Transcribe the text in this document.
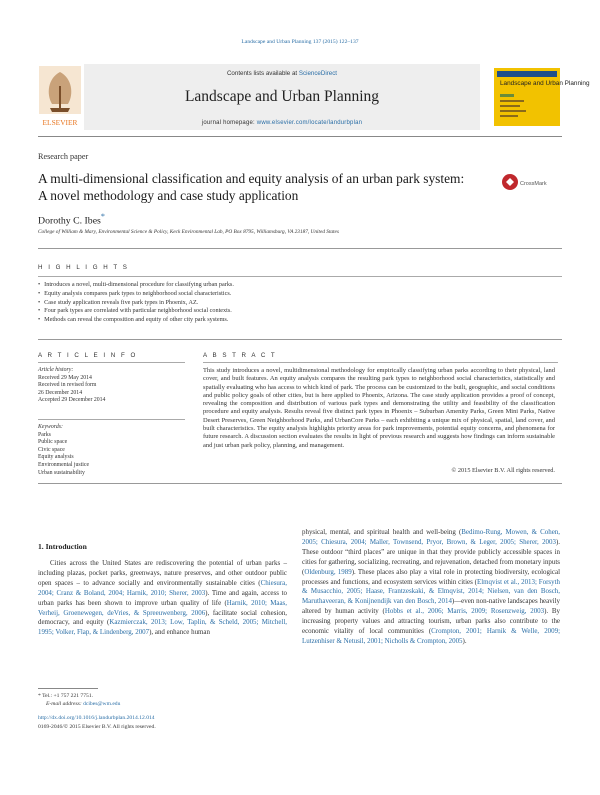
Landscape and Urban Planning 137 (2015) 122–137
ELSEVIER
Contents lists available at ScienceDirect
Landscape and Urban Planning
journal homepage: www.elsevier.com/locate/landurbplan
Landscape and Urban Planning
Research paper
A multi-dimensional classification and equity analysis of an urban park system: A novel methodology and case study application
CrossMark
Dorothy C. Ibes*
College of William & Mary, Environmental Science & Policy, Keck Environmental Lab, PO Box 8795, Williamsburg, VA 23187, United States
H I G H L I G H T S
• Introduces a novel, multi-dimensional procedure for classifying urban parks.
• Equity analysis compares park types to neighborhood social characteristics.
• Case study application reveals five park types in Phoenix, AZ.
• Four park types are correlated with particular neighborhood social contexts.
• Methods can reveal the composition and equity of other city park systems.
A R T I C L E I N F O
Article history:
Received 29 May 2014
Received in revised form
26 December 2014
Accepted 29 December 2014
Keywords:
Parks
Public space
Civic space
Equity analysis
Environmental justice
Urban sustainability
A B S T R A C T
This study introduces a novel, multidimensional methodology for empirically classifying urban parks according to their physical, land cover, and built features. An equity analysis compares the resulting park types to neighborhood social characteristics, statistically and spatially evaluating who has access to which kind of park. The process can be customized to the built, geographic, and social conditions and public policy goals of other cities, but is here applied to Phoenix, Arizona. The case study application provides a proof of concept, revealing the composition and distribution of various park types and demonstrating the utility and feasibility of the classification procedure and equity analysis. Results reveal five distinct park types in Phoenix – Suburban Amenity Parks, Green Mini Parks, Native Desert Preserves, Green Neighborhood Parks, and UrbanCore Parks – each exhibiting a unique mix of physical, spatial, land cover, and built characteristics. The equity analysis highlights priority areas for park improvements, potential equity concerns, and phenomena for future research. A discussion section evaluates the results in light of previous research and suggests how findings can inform sustainable and just urban park policy, planning, and management.
© 2015 Elsevier B.V. All rights reserved.
1. Introduction
Cities across the United States are rediscovering the potential of urban parks – including plazas, pocket parks, greenways, nature preserves, and other outdoor public open spaces – to advance socially and environmentally sustainable cities (Chiesura, 2004; Cranz & Boland, 2004; Harnik, 2010; Sherer, 2003). Time and again, access to urban parks has been shown to improve urban quality of life (Harnik, 2010; Maas, Verheij, Groenewegen, deVries, & Spreeuwenberg, 2006), facilitate social cohesion, democracy, and equity (Kazmierczak, 2013; Low, Taplin, & Scheld, 2005; Mitchell, 1995; Volker, Flap, & Lindenberg, 2007), and enhance human
physical, mental, and spiritual health and well-being (Bedimo-Rung, Mowen, & Cohen, 2005; Chiesura, 2004; Maller, Townsend, Pryor, Brown, & Leger, 2005; Sherer, 2003). These outdoor “third places” are unique in that they provide publicly accessible spaces in cities for gathering, socializing, recreating, and rejuvenation, detached from monetary inputs (Oldenburg, 1989). These places also play a vital role in protecting biodiversity, ecological processes and functions, and ecosystem services within cities (Elmqvist et al., 2013; Forsyth & Musacchio, 2005; Haase, Frantzeskaki, & Elmqvist, 2014; Nielsen, van den Bosch, Maruthaveeran, & Konijnendijk van den Bosch, 2014)—even non-native landscapes heavily altered by human activity (Hobbs et al., 2006; Marris, 2009; Rosenzweig, 2003). By increasing property values and attracting tourism, urban parks also contribute to the economic vitality of local communities (Crompton, 2001; Harnik & Welle, 2009; Lutzenhiser & Netusil, 2001; Nicholls & Crompton, 2005).
* Tel.: +1 757 221 7751.
E-mail address: dcibes@wm.edu
http://dx.doi.org/10.1016/j.landurbplan.2014.12.014
0169-2046/© 2015 Elsevier B.V. All rights reserved.
